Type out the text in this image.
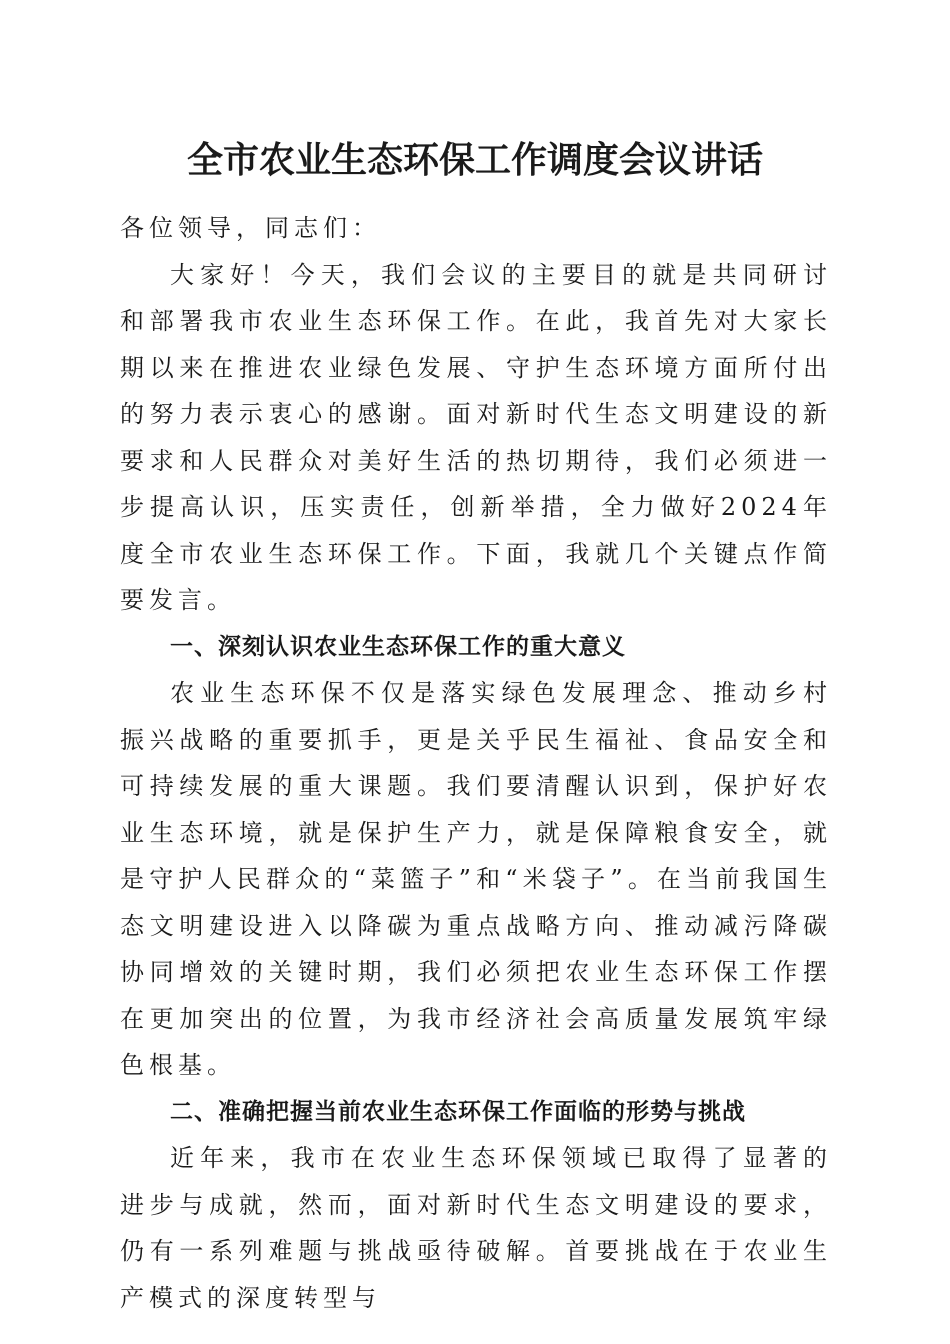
全市农业生态环保工作调度会议讲话

各位领导，同志们：

大家好！今天，我们会议的主要目的就是共同研讨和部署我市农业生态环保工作。在此，我首先对大家长期以来在推进农业绿色发展、守护生态环境方面所付出的努力表示衷心的感谢。面对新时代生态文明建设的新要求和人民群众对美好生活的热切期待，我们必须进一步提高认识，压实责任，创新举措，全力做好2024年度全市农业生态环保工作。下面，我就几个关键点作简要发言。

一、深刻认识农业生态环保工作的重大意义

农业生态环保不仅是落实绿色发展理念、推动乡村振兴战略的重要抓手，更是关乎民生福祉、食品安全和可持续发展的重大课题。我们要清醒认识到，保护好农业生态环境，就是保护生产力，就是保障粮食安全，就是守护人民群众的“菜篮子”和“米袋子”。在当前我国生态文明建设进入以降碳为重点战略方向、推动减污降碳协同增效的关键时期，我们必须把农业生态环保工作摆在更加突出的位置，为我市经济社会高质量发展筑牢绿色根基。

二、准确把握当前农业生态环保工作面临的形势与挑战

近年来，我市在农业生态环保领域已取得了显著的进步与成就，然而，面对新时代生态文明建设的要求，仍有一系列难题与挑战亟待破解。首要挑战在于农业生产模式的深度转型与
